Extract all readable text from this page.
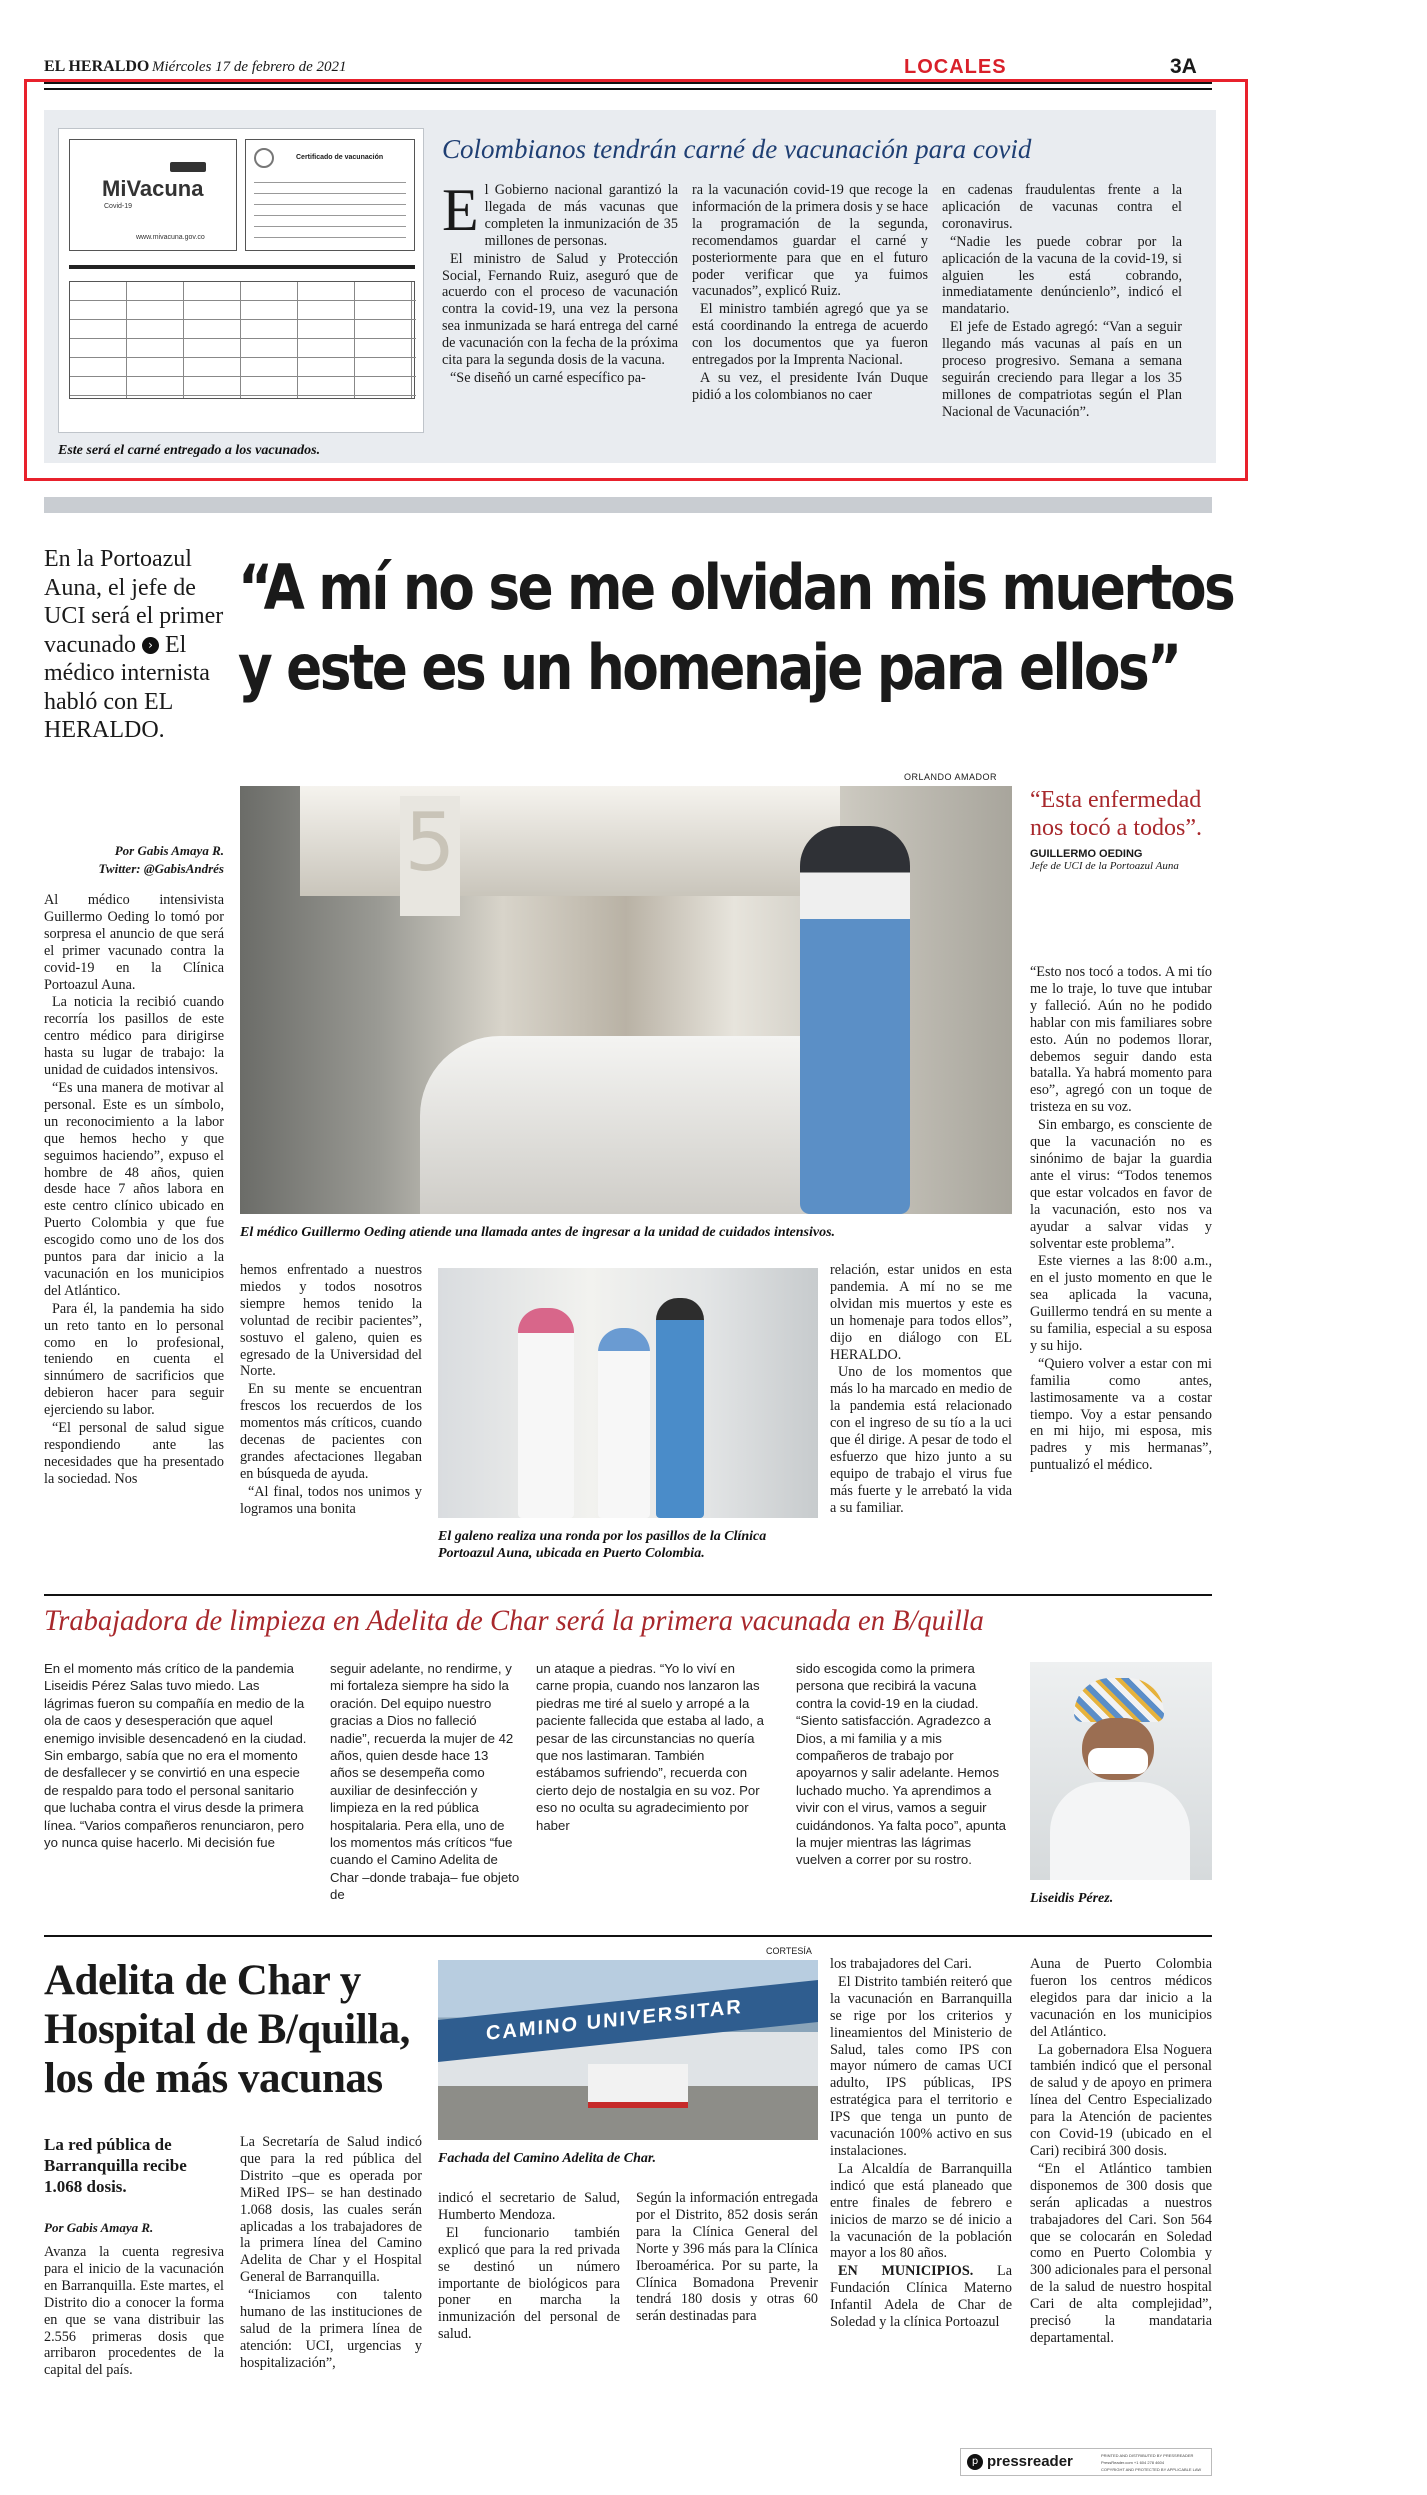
EL HERALDO Miércoles 17 de febrero de 2021	LOCALES	3A
MiVacuna
Covid-19
www.mivacuna.gov.co
Certificado de vacunación
Este será el carné entregado a los vacunados.
Colombianos tendrán carné de vacunación para covid
E l Gobierno nacional garantizó la llegada de más vacunas que completen la inmunización de 35 millones de personas.

El ministro de Salud y Protección Social, Fernando Ruiz, aseguró que de acuerdo con el proceso de vacunación contra la covid-19, una vez la persona sea inmunizada se hará entrega del carné de vacunación con la fecha de la próxima cita para la segunda dosis de la vacuna.

“Se diseñó un carné específico pa-

ra la vacunación covid-19 que recoge la información de la primera dosis y se hace la programación de la segunda, recomendamos guardar el carné y posteriormente para que en el futuro poder verificar que ya fuimos vacunados”, explicó Ruiz.

El ministro también agregó que ya se está coordinando la entrega de acuerdo con los documentos que ya fueron entregados por la Imprenta Nacional.

A su vez, el presidente Iván Duque pidió a los colombianos no caer

en cadenas fraudulentas frente a la aplicación de vacunas contra el coronavirus.

“Nadie les puede cobrar por la aplicación de la vacuna de la covid-19, si alguien les está cobrando, inmediatamente denúncienlo”, indicó el mandatario.

El jefe de Estado agregó: “Van a seguir llegando más vacunas al país en un proceso progresivo. Semana a semana seguirán creciendo para llegar a los 35 millones de compatriotas según el Plan Nacional de Vacunación”.

En la Portoazul Auna, el jefe de UCI será el primer vacunado › El médico internista habló con EL HERALDO.
“A mí no se me olvidan mis muertos
y este es un homenaje para ellos”
Por Gabis Amaya R.
Twitter: @GabisAndrés

Al médico intensivista Guillermo Oeding lo tomó por sorpresa el anuncio de que será el primer vacunado contra la covid-19 en la Clínica Portoazul Auna.

La noticia la recibió cuando recorría los pasillos de este centro médico para dirigirse hasta su lugar de trabajo: la unidad de cuidados intensivos.

“Es una manera de motivar al personal. Este es un símbolo, un reconocimiento a la labor que hemos hecho y que seguimos haciendo”, expuso el hombre de 48 años, quien desde hace 7 años labora en este centro clínico ubicado en Puerto Colombia y que fue escogido como uno de los dos puntos para dar inicio a la vacunación en los municipios del Atlántico.

Para él, la pandemia ha sido un reto tanto en lo personal como en lo profesional, teniendo en cuenta el sinnúmero de sacrificios que debieron hacer para seguir ejerciendo su labor.

“El personal de salud sigue respondiendo ante las necesidades que ha presentado la sociedad. Nos

ORLANDO AMADOR
5
El médico Guillermo Oeding atiende una llamada antes de ingresar a la unidad de cuidados intensivos.

hemos enfrentado a nuestros miedos y todos nosotros siempre hemos tenido la voluntad de recibir pacientes”, sostuvo el galeno, quien es egresado de la Universidad del Norte.

En su mente se encuentran frescos los recuerdos de los momentos más críticos, cuando decenas de pacientes con grandes afectaciones llegaban en búsqueda de ayuda.

“Al final, todos nos unimos y logramos una bonita

El galeno realiza una ronda por los pasillos de la Clínica Portoazul Auna, ubicada en Puerto Colombia.

relación, estar unidos en esta pandemia. A mí no se me olvidan mis muertos y este es un homenaje para todos ellos”, dijo en diálogo con EL HERALDO.

Uno de los momentos que más lo ha marcado en medio de la pandemia está relacionado con el ingreso de su tío a la uci que él dirige. A pesar de todo el esfuerzo que hizo junto a su equipo de trabajo el virus fue más fuerte y le arrebató la vida a su familiar.

“Esta enfermedad nos tocó a todos”.
GUILLERMO OEDING
Jefe de UCI de la Portoazul Auna

“Esto nos tocó a todos. A mi tío me lo traje, lo tuve que intubar y falleció. Aún no he podido hablar con mis familiares sobre esto. Aún no podemos llorar, debemos seguir dando esta batalla. Ya habrá momento para eso”, agregó con un toque de tristeza en su voz.

Sin embargo, es consciente de que la vacunación no es sinónimo de bajar la guardia ante el virus: “Todos tenemos que estar volcados en favor de la vacunación, esto nos va ayudar a salvar vidas y solventar este problema”.

Este viernes a las 8:00 a.m., en el justo momento en que le sea aplicada la vacuna, Guillermo tendrá en su mente a su familia, especial a su esposa y su hijo.

“Quiero volver a estar con mi familia como antes, lastimosamente va a costar tiempo. Voy a estar pensando en mi hijo, mi esposa, mis padres y mis hermanas”, puntualizó el médico.

Trabajadora de limpieza en Adelita de Char será la primera vacunada en B/quilla
En el momento más crítico de la pandemia Liseidis Pérez Salas tuvo miedo. Las lágrimas fueron su compañía en medio de la ola de caos y desesperación que aquel enemigo invisible desencadenó en la ciudad. Sin embargo, sabía que no era el momento de desfallecer y se convirtió en una especie de respaldo para todo el personal sanitario que luchaba contra el virus desde la primera línea. “Varios compañeros renunciaron, pero yo nunca quise hacerlo. Mi decisión fue
seguir adelante, no rendirme, y mi fortaleza siempre ha sido la oración. Del equipo nuestro gracias a Dios no falleció nadie”, recuerda la mujer de 42 años, quien desde hace 13 años se desempeña como auxiliar de desinfección y limpieza en la red pública hospitalaria. Pera ella, uno de los momentos más críticos “fue cuando el Camino Adelita de Char –donde trabaja– fue objeto de
un ataque a piedras. “Yo lo viví en carne propia, cuando nos lanzaron las piedras me tiré al suelo y arropé a la paciente fallecida que estaba al lado, a pesar de las circunstancias no quería que nos lastimaran. También estábamos sufriendo”, recuerda con cierto dejo de nostalgia en su voz. Por eso no oculta su agradecimiento por haber
sido escogida como la primera persona que recibirá la vacuna contra la covid-19 en la ciudad. “Siento satisfacción. Agradezco a Dios, a mi familia y a mis compañeros de trabajo por apoyarnos y salir adelante. Hemos luchado mucho. Ya aprendimos a vivir con el virus, vamos a seguir cuidándonos. Ya falta poco”, apunta la mujer mientras las lágrimas vuelven a correr por su rostro.
Liseidis Pérez.
Adelita de Char y Hospital de B/quilla, los de más vacunas
La red pública de Barranquilla recibe 1.068 dosis.
Por Gabis Amaya R.

Avanza la cuenta regresiva para el inicio de la vacunación en Barranquilla. Este martes, el Distrito dio a conocer la forma en que se vana distribuir las 2.556 primeras dosis que arribaron procedentes de la capital del país.

La Secretaría de Salud indicó que para la red pública del Distrito –que es operada por MiRed IPS– se han destinado 1.068 dosis, las cuales serán aplicadas a los trabajadores de la primera línea del Camino Adelita de Char y el Hospital General de Barranquilla.

“Iniciamos con talento humano de las instituciones de salud de la primera línea de atención: UCI, urgencias y hospitalización”,

CORTESÍA
CAMINO UNIVERSITAR
Fachada del Camino Adelita de Char.

indicó el secretario de Salud, Humberto Mendoza.

El funcionario también explicó que para la red privada se destinó un número importante de biológicos para poner en marcha la inmunización del personal de salud.

Según la información entregada por el Distrito, 852 dosis serán para la Clínica General del Norte y 396 más para la Clínica Iberoamérica. Por su parte, la Clínica Bomadona Prevenir tendrá 180 dosis y otras 60 serán destinadas para

los trabajadores del Cari.

El Distrito también reiteró que la vacunación en Barranquilla se rige por los criterios y lineamientos del Ministerio de Salud, tales como IPS con mayor número de camas UCI adulto, IPS públicas, IPS estratégica para el territorio e IPS que tenga un punto de vacunación 100% activo en sus instalaciones.

La Alcaldía de Barranquilla indicó que está planeado que entre finales de febrero e inicios de marzo se dé inicio a la vacunación de la población mayor a los 80 años.

EN MUNICIPIOS. La Fundación Clínica Materno Infantil Adela de Char de Soledad y la clínica Portoazul

Auna de Puerto Colombia fueron los centros médicos elegidos para dar inicio a la vacunación en los municipios del Atlántico.

La gobernadora Elsa Noguera también indicó que el personal de salud y de apoyo en primera línea del Centro Especializado para la Atención de pacientes con Covid-19 (ubicado en el Cari) recibirá 300 dosis.

“En el Atlántico tambien disponemos de 300 dosis que serán aplicadas a nuestros trabajadores del Cari. Son 564 que se colocarán en Soledad como en Puerto Colombia y 300 adicionales para el personal de la salud de nuestro hospital Cari de alta complejidad”, precisó la mandataria departamental.

p pressreader	PRINTED AND DISTRIBUTED BY PRESSREADER
PressReader.com +1 604 278 4604
COPYRIGHT AND PROTECTED BY APPLICABLE LAW
